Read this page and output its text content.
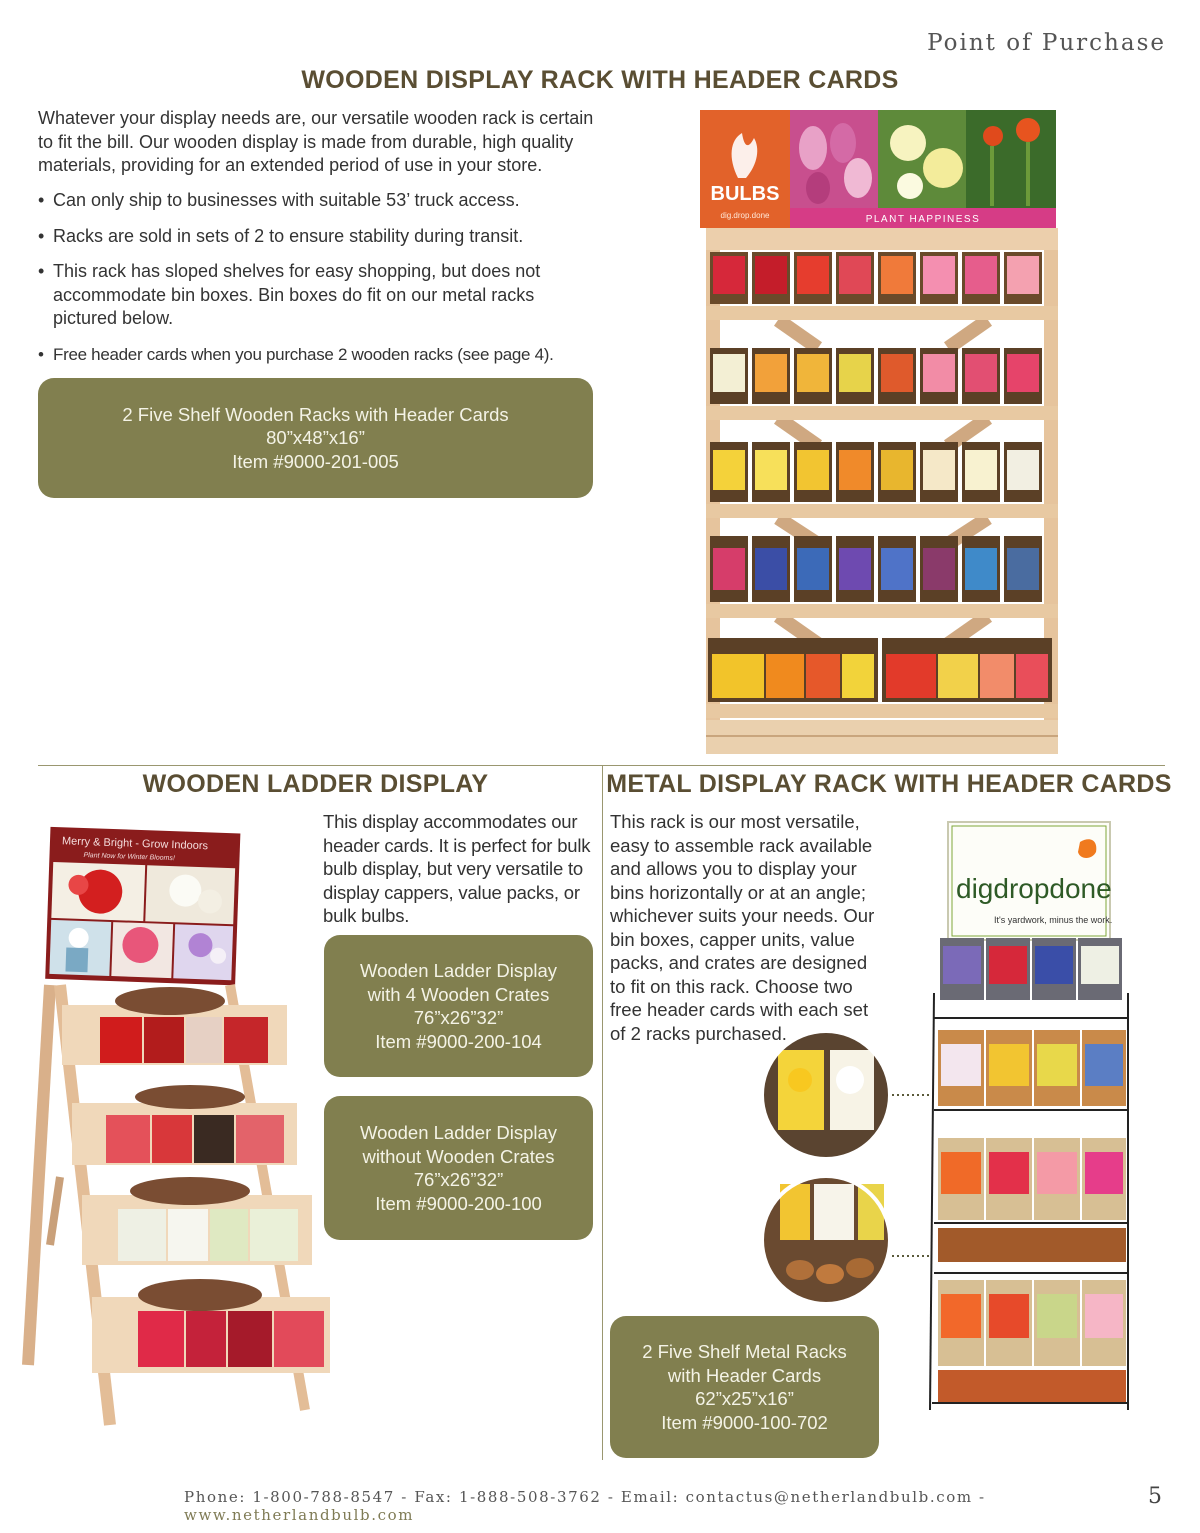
Point of Purchase
WOODEN DISPLAY RACK WITH HEADER CARDS
Whatever your display needs are, our versatile wooden rack is certain to fit the bill. Our wooden display is made from durable, high quality materials, providing for an extended period of use in your store.
• Can only ship to businesses with suitable 53’ truck access.
• Racks are sold in sets of 2 to ensure stability during transit.
• This rack has sloped shelves for easy shopping, but does not accommodate bin boxes. Bin boxes do fit on our metal racks pictured below.
• Free header cards when you purchase 2 wooden racks (see page 4).
2 Five Shelf Wooden Racks with Header Cards
80”x48”x16”
Item #9000-201-005
BULBS
dig.drop.done	PLANT HAPPINESS
WOODEN LADDER DISPLAY
This display accommodates our header cards. It is perfect for bulk bulb display, but very versatile to display cappers, value packs, or bulk bulbs.
Wooden Ladder Display
with 4 Wooden Crates
76”x26”32”
Item #9000-200-104
Wooden Ladder Display
without Wooden Crates
76”x26”32”
Item #9000-200-100
Merry & Bright - Grow Indoors
Plant Now for Winter Blooms!
METAL DISPLAY RACK WITH HEADER CARDS
This rack is our most versatile, easy to assemble rack available and allows you to display your bins horizontally or at an angle; whichever suits your needs. Our bin boxes, capper units, value packs, and crates are designed to fit on this rack. Choose two free header cards with each set of 2 racks purchased.
2 Five Shelf Metal Racks
with Header Cards
62”x25”x16”
Item #9000-100-702
digdropdone
It's yardwork, minus the work.
Phone: 1-800-788-8547 - Fax: 1-888-508-3762 - Email: contactus@netherlandbulb.com - www.netherlandbulb.com
5
